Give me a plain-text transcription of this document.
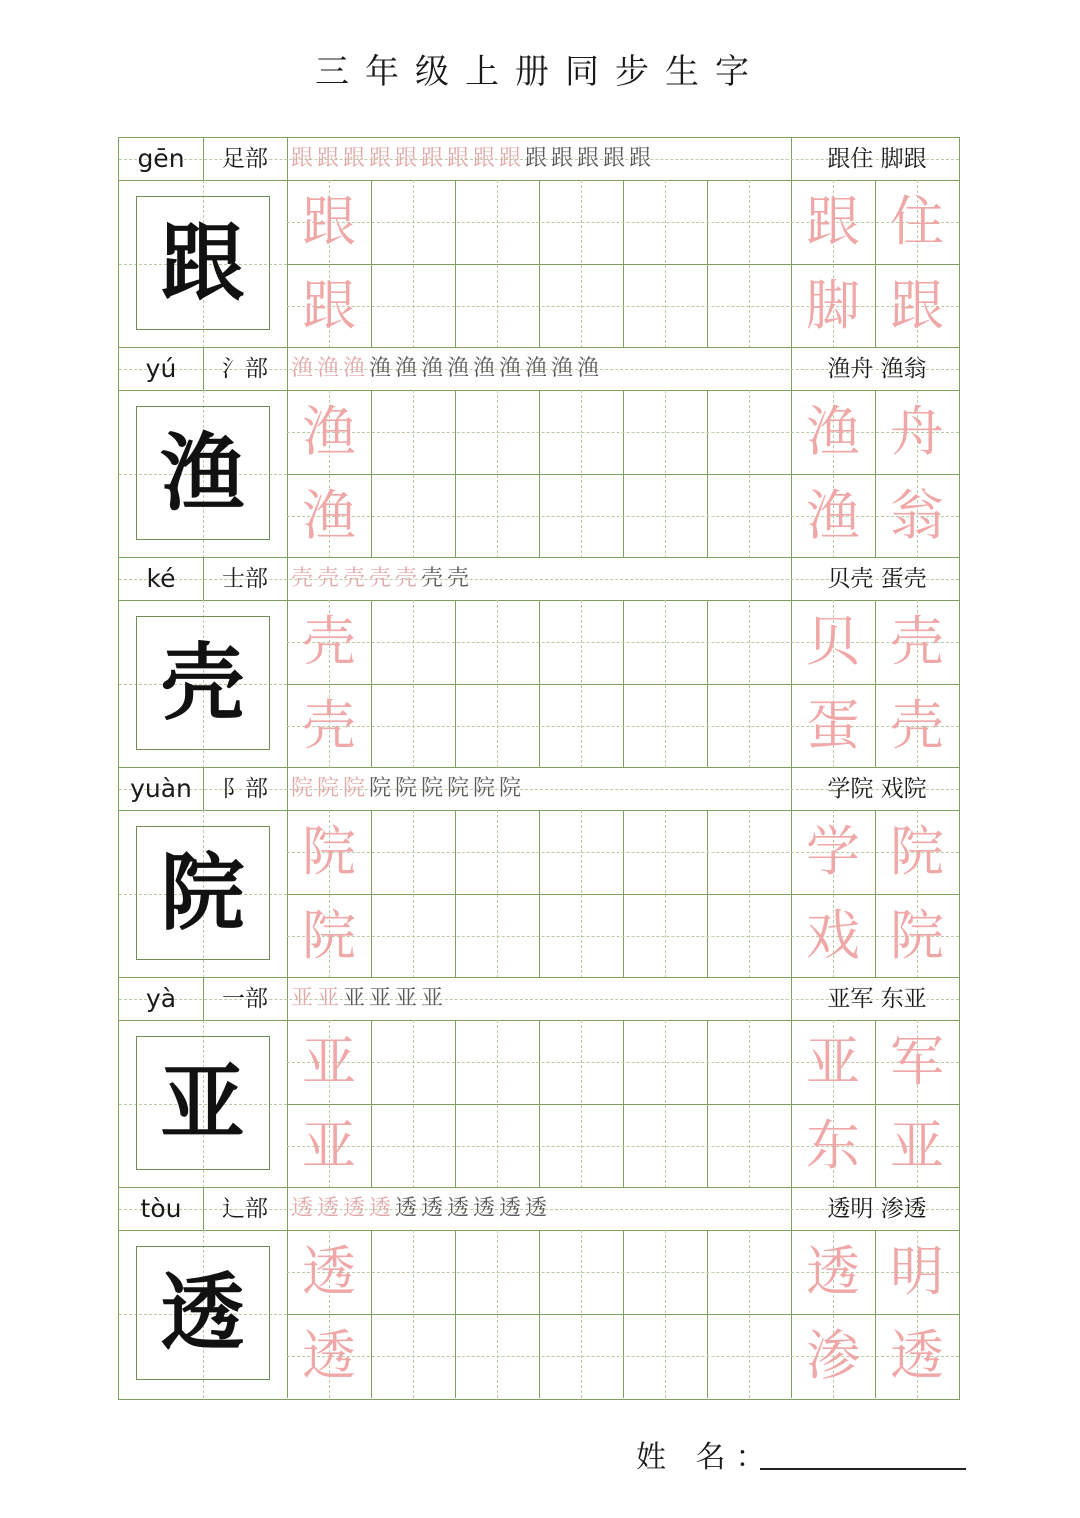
三年级上册同步生字
gēn	足部	跟跟跟跟跟跟跟跟跟跟跟跟跟跟	跟住 脚跟
跟	跟
跟
跟 住
脚 跟
yú	氵部	渔渔渔渔渔渔渔渔渔渔渔渔	渔舟 渔翁
渔	渔
渔
渔 舟
渔 翁
ké	士部	壳壳壳壳壳壳壳	贝壳 蛋壳
壳	壳
壳
贝 壳
蛋 壳
yuàn	阝部	院院院院院院院院院	学院 戏院
院	院
院
学 院
戏 院
yà	一部	亚亚亚亚亚亚	亚军 东亚
亚	亚
亚
亚 军
东 亚
tòu	辶部	透透透透透透透透透透	透明 渗透
透	透
透
透 明
渗 透
姓 名：
